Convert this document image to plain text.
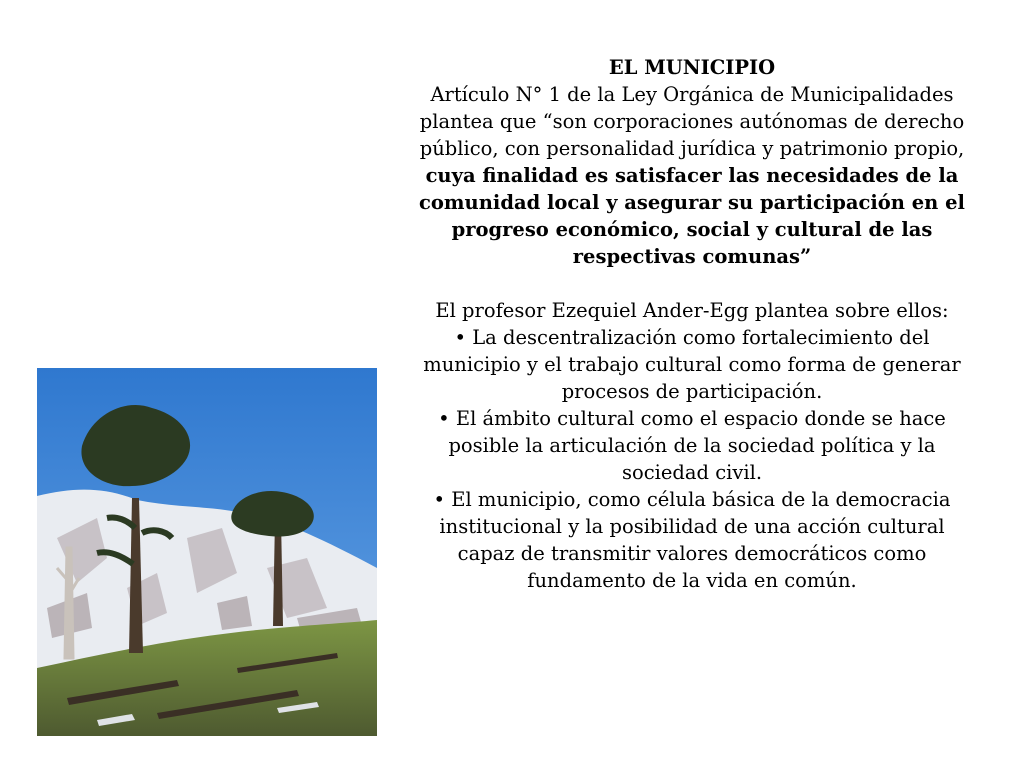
EL MUNICIPIO

Artículo N° 1 de la Ley Orgánica de Municipalidades plantea que “son corporaciones autónomas de derecho público, con personalidad jurídica y patrimonio propio, cuya finalidad es satisfacer las necesidades de la comunidad local y asegurar su participación en el progreso económico, social y cultural de las respectivas comunas”

El profesor Ezequiel Ander-Egg plantea sobre ellos:

• La descentralización como fortalecimiento del municipio y el trabajo cultural como forma de generar procesos de participación.

• El ámbito cultural como el espacio donde se hace posible la articulación de la sociedad política y la sociedad civil.

• El municipio, como célula básica de la democracia institucional y la posibilidad de una acción cultural capaz de transmitir valores democráticos como fundamento de la vida en común.
